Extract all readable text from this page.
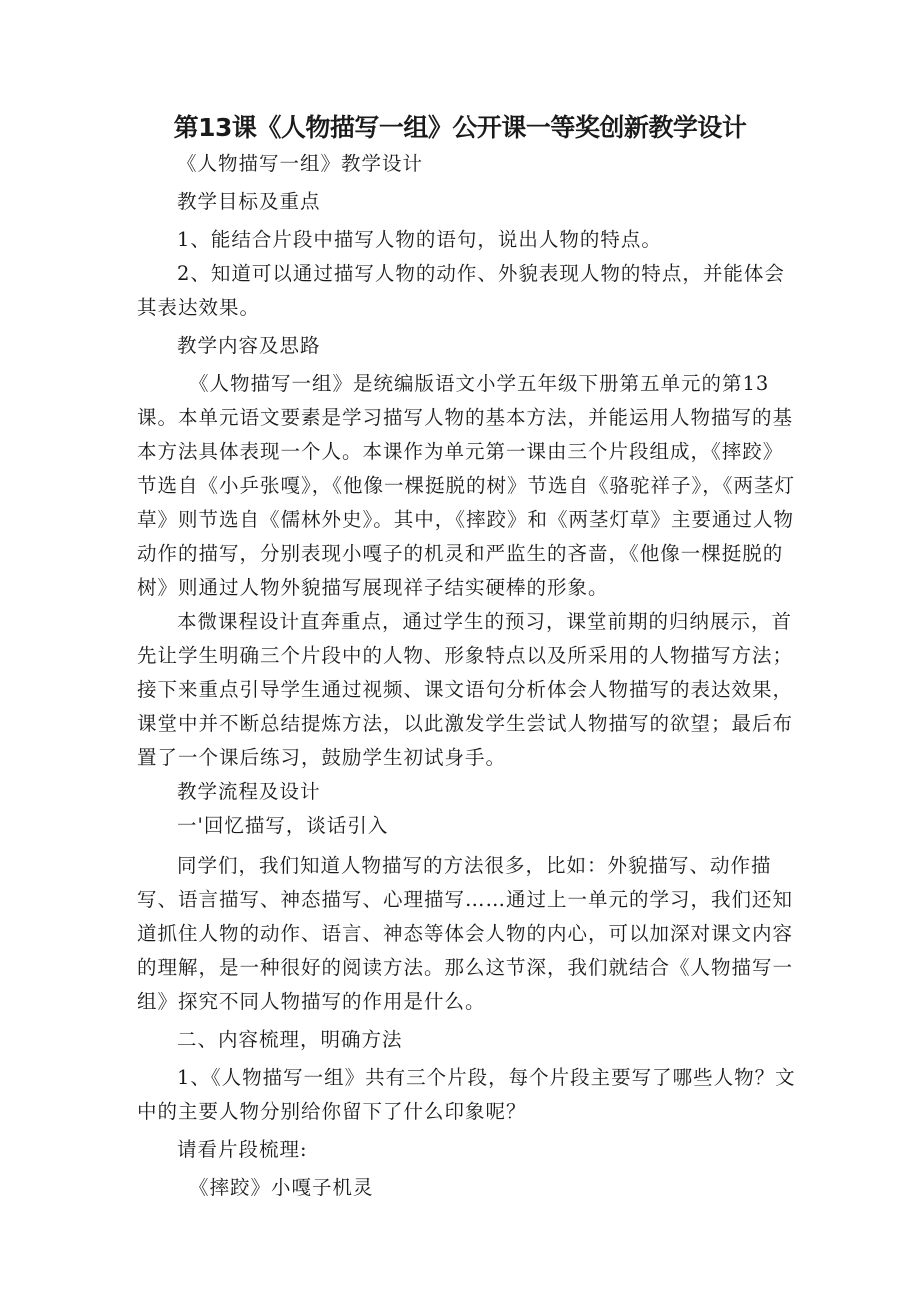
第13课《人物描写一组》公开课一等奖创新教学设计

《人物描写一组》教学设计

教学目标及重点

1、能结合片段中描写人物的语句，说出人物的特点。

2、知道可以通过描写人物的动作、外貌表现人物的特点，并能体会其表达效果。

教学内容及思路

《人物描写一组》是统编版语文小学五年级下册第五单元的第13课。本单元语文要素是学习描写人物的基本方法，并能运用人物描写的基本方法具体表现一个人。本课作为单元第一课由三个片段组成，《摔跤》节选自《小乒张嘎》，《他像一棵挺脱的树》节选自《骆驼祥子》，《两茎灯草》则节选自《儒林外史》。其中，《摔跤》和《两茎灯草》主要通过人物动作的描写，分别表现小嘎子的机灵和严监生的吝啬，《他像一棵挺脱的树》则通过人物外貌描写展现祥子结实硬棒的形象。

本微课程设计直奔重点，通过学生的预习，课堂前期的归纳展示，首先让学生明确三个片段中的人物、形象特点以及所采用的人物描写方法；接下来重点引导学生通过视频、课文语句分析体会人物描写的表达效果，课堂中并不断总结提炼方法，以此激发学生尝试人物描写的欲望；最后布置了一个课后练习，鼓励学生初试身手。

教学流程及设计

一'回忆描写，谈话引入

同学们，我们知道人物描写的方法很多，比如：外貌描写、动作描写、语言描写、神态描写、心理描写……通过上一单元的学习，我们还知道抓住人物的动作、语言、神态等体会人物的内心，可以加深对课文内容的理解，是一种很好的阅读方法。那么这节深，我们就结合《人物描写一组》探究不同人物描写的作用是什么。

二、内容梳理，明确方法

1、《人物描写一组》共有三个片段，每个片段主要写了哪些人物？文中的主要人物分别给你留下了什么印象呢？

请看片段梳理:

《摔跤》小嘎子机灵
